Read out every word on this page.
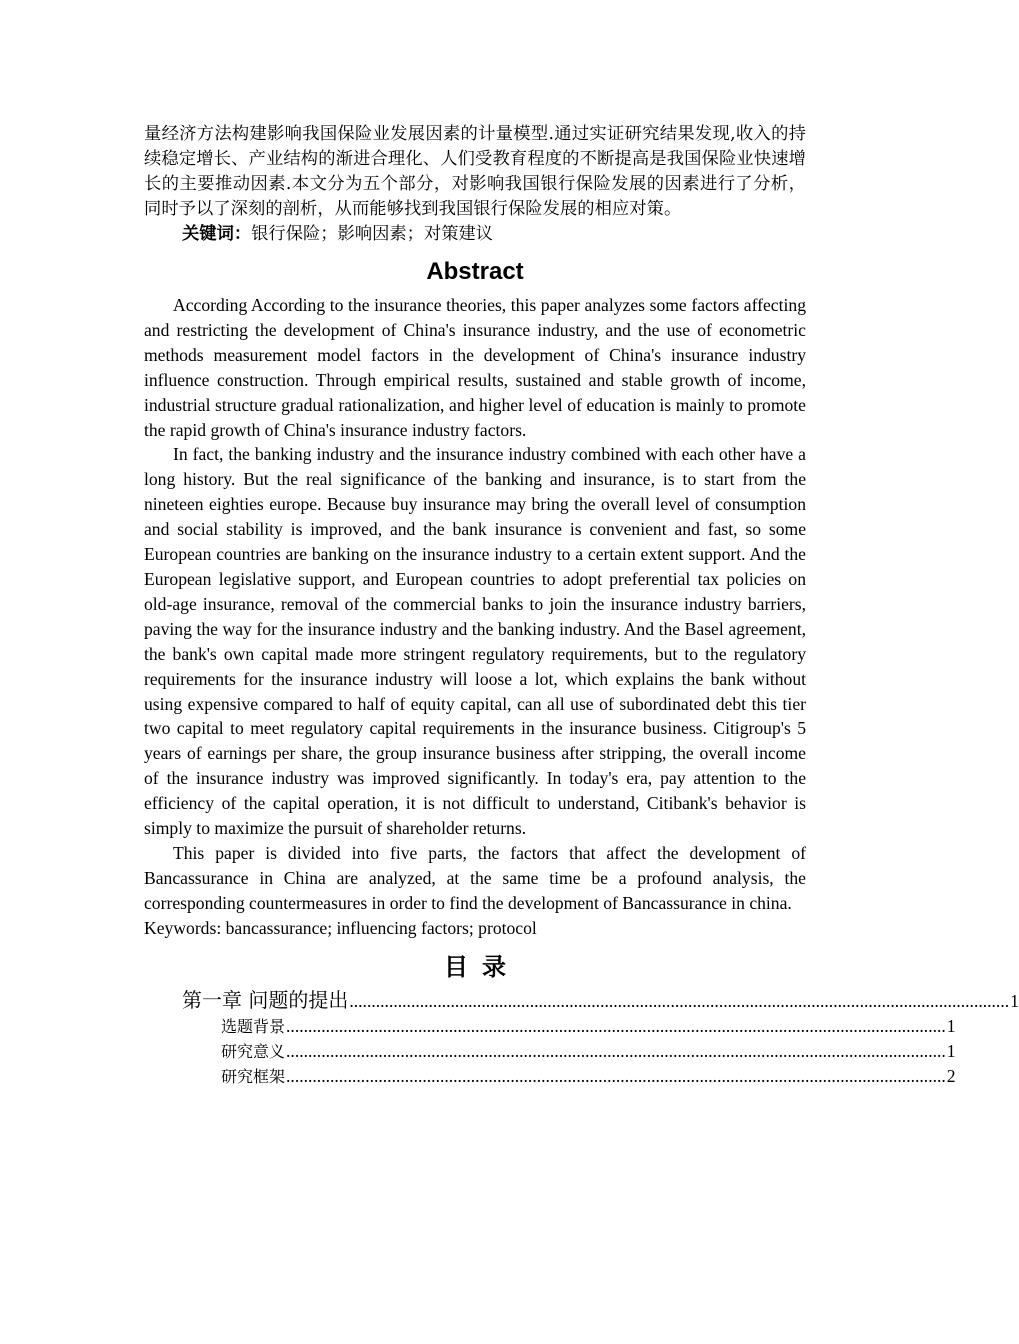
量经济方法构建影响我国保险业发展因素的计量模型.通过实证研究结果发现,收入的持续稳定增长、产业结构的渐进合理化、人们受教育程度的不断提高是我国保险业快速增长的主要推动因素.本文分为五个部分，对影响我国银行保险发展的因素进行了分析，同时予以了深刻的剖析，从而能够找到我国银行保险发展的相应对策。

关键词：银行保险；影响因素；对策建议

Abstract

According According to the insurance theories, this paper analyzes some factors affecting and restricting the development of China's insurance industry, and the use of econometric methods measurement model factors in the development of China's insurance industry influence construction. Through empirical results, sustained and stable growth of income, industrial structure gradual rationalization, and higher level of education is mainly to promote the rapid growth of China's insurance industry factors.

In fact, the banking industry and the insurance industry combined with each other have a long history. But the real significance of the banking and insurance, is to start from the nineteen eighties europe. Because buy insurance may bring the overall level of consumption and social stability is improved, and the bank insurance is convenient and fast, so some European countries are banking on the insurance industry to a certain extent support. And the European legislative support, and European countries to adopt preferential tax policies on old-age insurance, removal of the commercial banks to join the insurance industry barriers, paving the way for the insurance industry and the banking industry. And the Basel agreement, the bank's own capital made more stringent regulatory requirements, but to the regulatory requirements for the insurance industry will loose a lot, which explains the bank without using expensive compared to half of equity capital, can all use of subordinated debt this tier two capital to meet regulatory capital requirements in the insurance business. Citigroup's 5 years of earnings per share, the group insurance business after stripping, the overall income of the insurance industry was improved significantly. In today's era, pay attention to the efficiency of the capital operation, it is not difficult to understand, Citibank's behavior is simply to maximize the pursuit of shareholder returns.

This paper is divided into five parts, the factors that affect the development of Bancassurance in China are analyzed, at the same time be a profound analysis, the corresponding countermeasures in order to find the development of Bancassurance in china.

Keywords: bancassurance; influencing factors; protocol

目录
第一章 问题的提出 ...................................................................................................................................................... 1
选题背景 ...................................................................................................................................................... 1
研究意义 ...................................................................................................................................................... 1
研究框架 ...................................................................................................................................................... 2
